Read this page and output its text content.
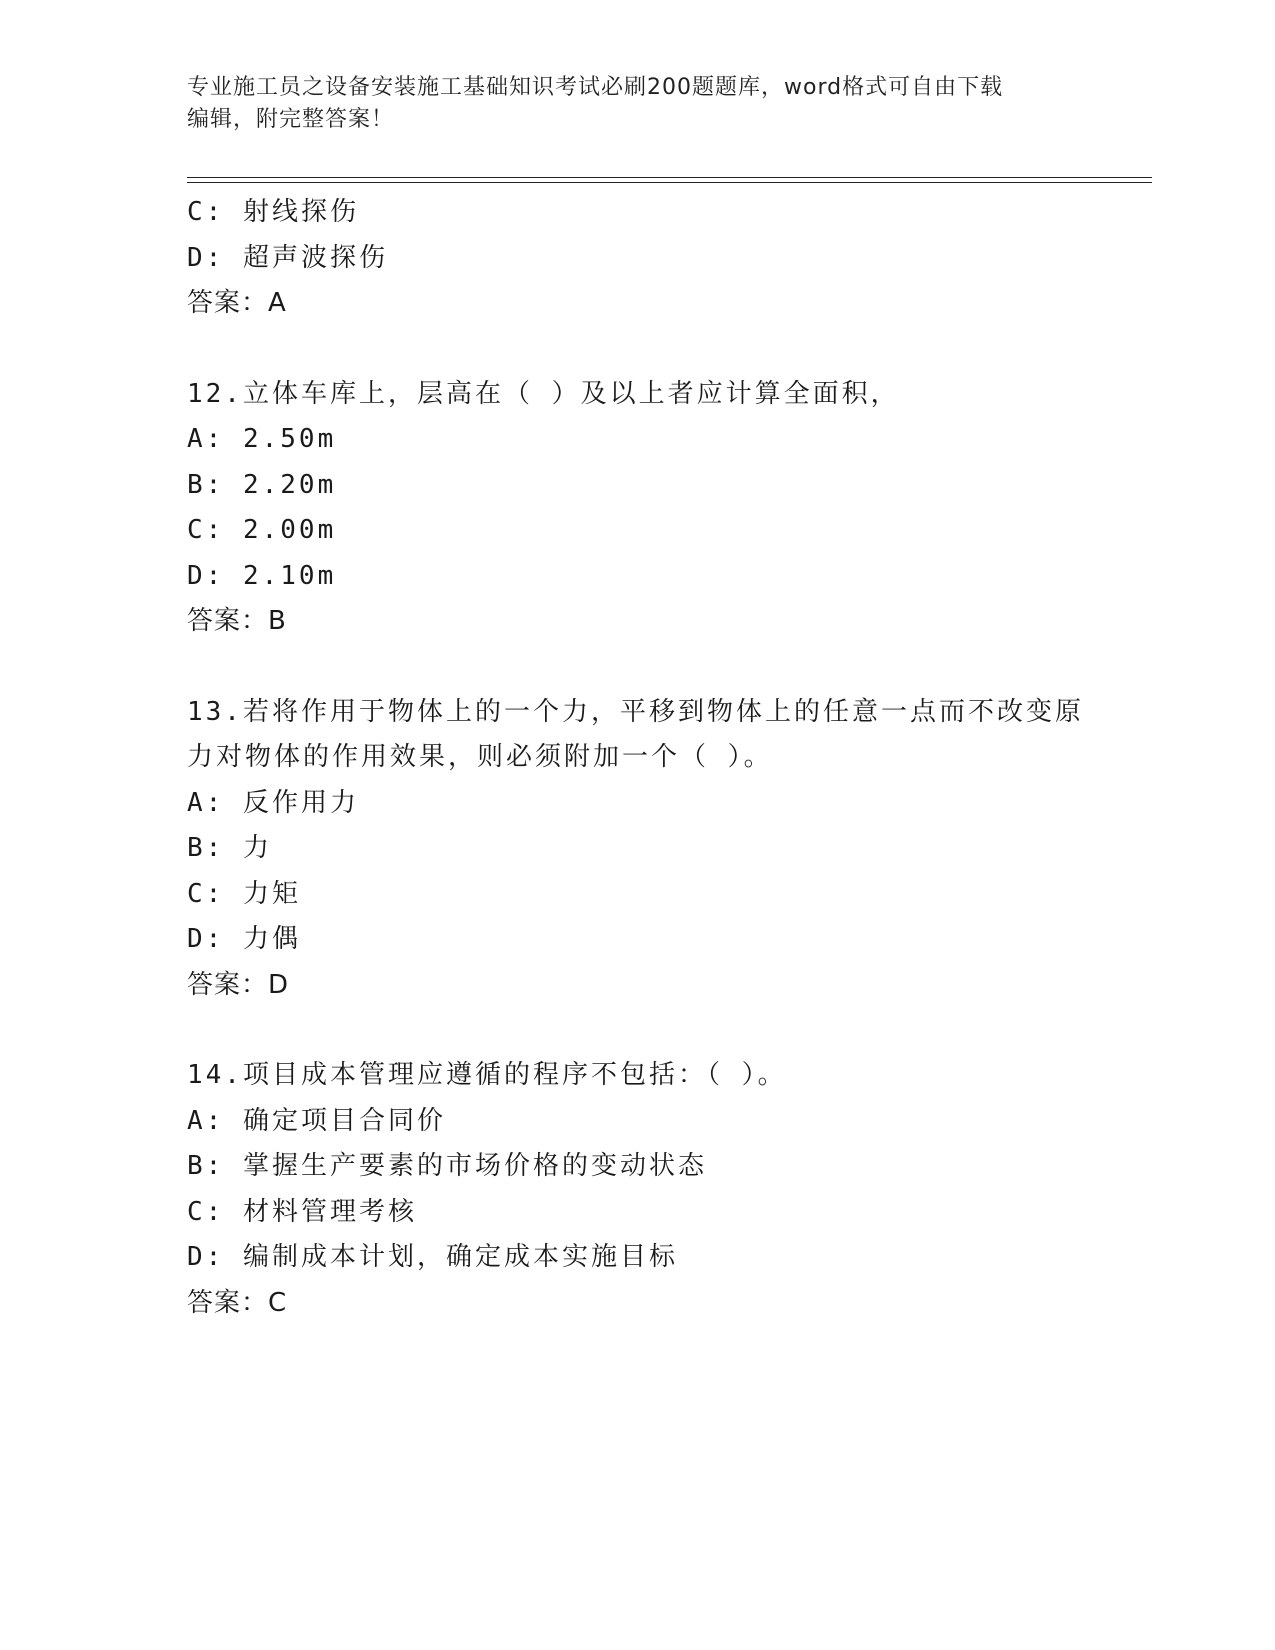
专业施工员之设备安装施工基础知识考试必刷200题题库，word格式可自由下载
编辑，附完整答案！
C: 射线探伤
D: 超声波探伤
答案：A
12.立体车库上，层高在（ ）及以上者应计算全面积，
A: 2.50m
B: 2.20m
C: 2.00m
D: 2.10m
答案：B
13.若将作用于物体上的一个力，平移到物体上的任意一点而不改变原
力对物体的作用效果，则必须附加一个（ ）。
A: 反作用力
B: 力
C: 力矩
D: 力偶
答案：D
14.项目成本管理应遵循的程序不包括：（ ）。
A: 确定项目合同价
B: 掌握生产要素的市场价格的变动状态
C: 材料管理考核
D: 编制成本计划，确定成本实施目标
答案：C
